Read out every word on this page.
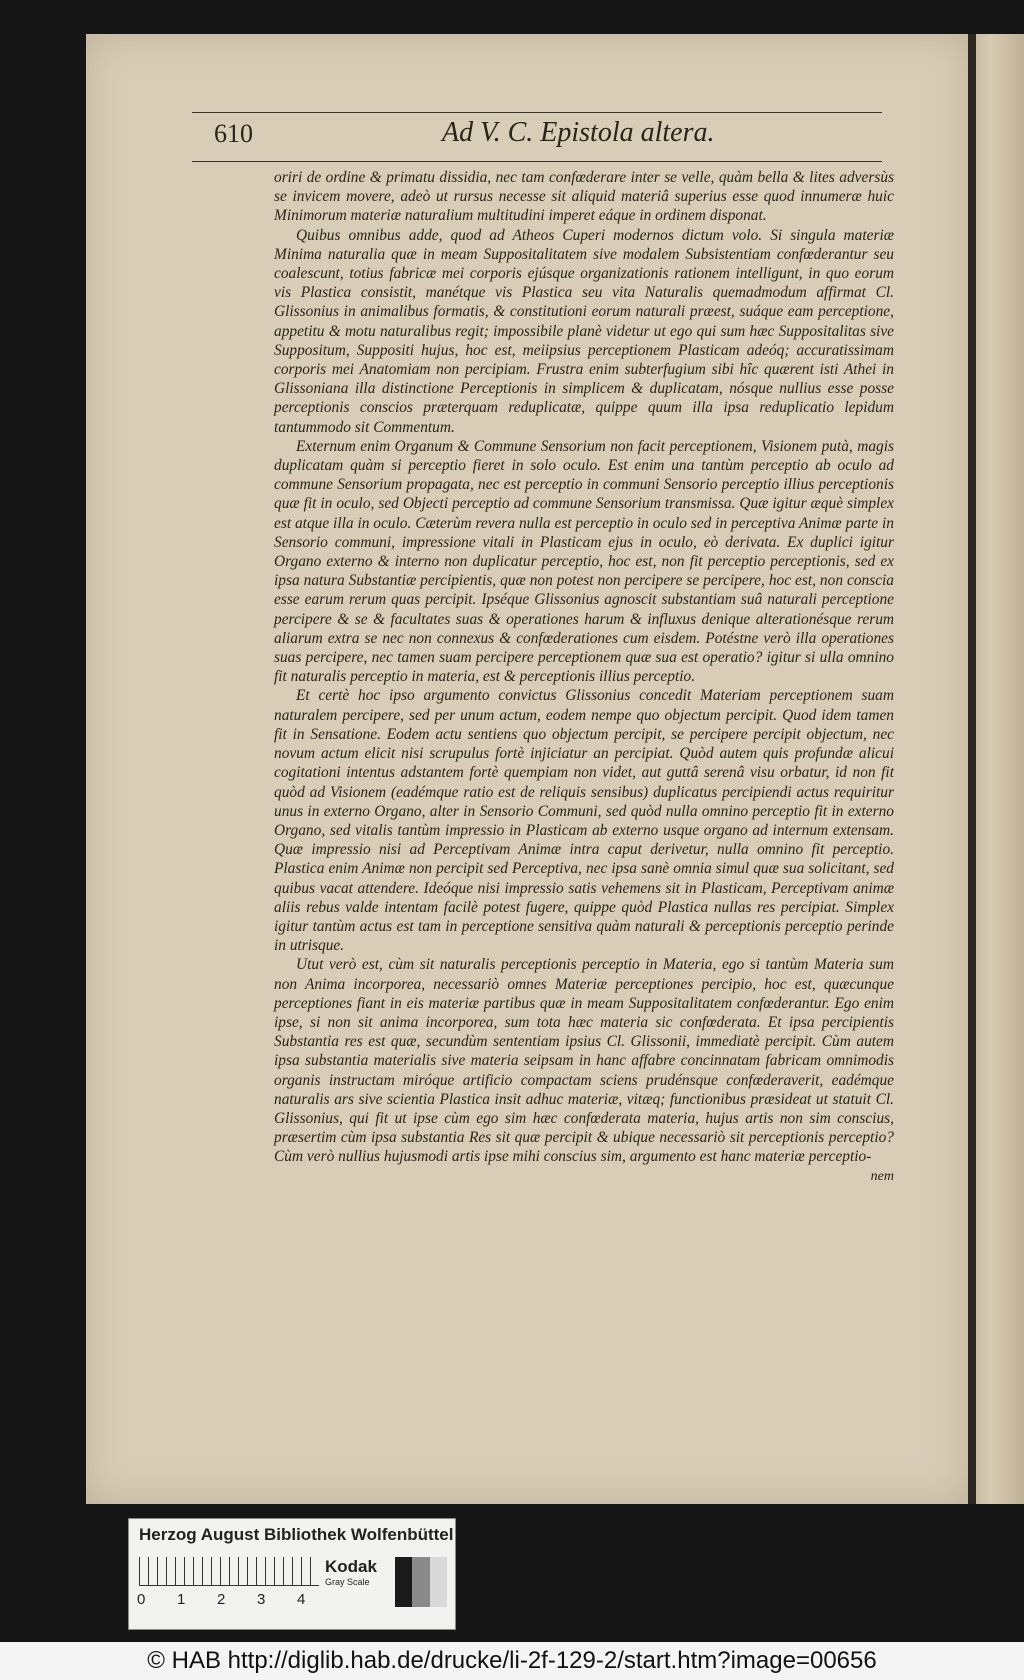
610	Ad V. C. Epistola altera.

oriri de ordine & primatu dissidia, nec tam confœderare inter se velle, quàm bella & lites adversùs se invicem movere, adeò ut rursus necesse sit aliquid materiâ superius esse quod innumeræ huic Minimorum materiæ naturalium multitudini imperet eáque in ordinem disponat.

Quibus omnibus adde, quod ad Atheos Cuperi modernos dictum volo. Si singula materiæ Minima naturalia quæ in meam Suppositalitatem sive modalem Subsistentiam confœderantur seu coalescunt, totius fabricæ mei corporis ejúsque organizationis rationem intelligunt, in quo eorum vis Plastica consistit, manétque vis Plastica seu vita Naturalis quemadmodum affirmat Cl. Glissonius in animalibus formatis, & constitutioni eorum naturali præest, suáque eam perceptione, appetitu & motu naturalibus regit; impossibile planè videtur ut ego qui sum hæc Suppositalitas sive Suppositum, Suppositi hujus, hoc est, meiipsius perceptionem Plasticam adeóq; accuratissimam corporis mei Anatomiam non percipiam. Frustra enim subterfugium sibi hîc quærent isti Athei in Glissoniana illa distinctione Perceptionis in simplicem & duplicatam, nósque nullius esse posse perceptionis conscios præterquam reduplicatæ, quippe quum illa ipsa reduplicatio lepidum tantummodo sit Commentum.

Externum enim Organum & Commune Sensorium non facit perceptionem, Visionem putà, magis duplicatam quàm si perceptio fieret in solo oculo. Est enim una tantùm perceptio ab oculo ad commune Sensorium propagata, nec est perceptio in communi Sensorio perceptio illius perceptionis quæ fit in oculo, sed Objecti perceptio ad commune Sensorium transmissa. Quæ igitur æquè simplex est atque illa in oculo. Cæterùm revera nulla est perceptio in oculo sed in perceptiva Animæ parte in Sensorio communi, impressione vitali in Plasticam ejus in oculo, eò derivata. Ex duplici igitur Organo externo & interno non duplicatur perceptio, hoc est, non fit perceptio perceptionis, sed ex ipsa natura Substantiæ percipientis, quæ non potest non percipere se percipere, hoc est, non conscia esse earum rerum quas percipit. Ipséque Glissonius agnoscit substantiam suâ naturali perceptione percipere & se & facultates suas & operationes harum & influxus denique alterationésque rerum aliarum extra se nec non connexus & confœderationes cum eisdem. Potéstne verò illa operationes suas percipere, nec tamen suam percipere perceptionem quæ sua est operatio? igitur si ulla omnino fit naturalis perceptio in materia, est & perceptionis illius perceptio.

Et certè hoc ipso argumento convictus Glissonius concedit Materiam perceptionem suam naturalem percipere, sed per unum actum, eodem nempe quo objectum percipit. Quod idem tamen fit in Sensatione. Eodem actu sentiens quo objectum percipit, se percipere percipit objectum, nec novum actum elicit nisi scrupulus fortè injiciatur an percipiat. Quòd autem quis profundæ alicui cogitationi intentus adstantem fortè quempiam non videt, aut guttâ serenâ visu orbatur, id non fit quòd ad Visionem (eadémque ratio est de reliquis sensibus) duplicatus percipiendi actus requiritur unus in externo Organo, alter in Sensorio Communi, sed quòd nulla omnino perceptio fit in externo Organo, sed vitalis tantùm impressio in Plasticam ab externo usque organo ad internum extensam. Quæ impressio nisi ad Perceptivam Animæ intra caput derivetur, nulla omnino fit perceptio. Plastica enim Animæ non percipit sed Perceptiva, nec ipsa sanè omnia simul quæ sua solicitant, sed quibus vacat attendere. Ideóque nisi impressio satis vehemens sit in Plasticam, Perceptivam animæ aliis rebus valde intentam facilè potest fugere, quippe quòd Plastica nullas res percipiat. Simplex igitur tantùm actus est tam in perceptione sensitiva quàm naturali & perceptionis perceptio perinde in utrisque.

Utut verò est, cùm sit naturalis perceptionis perceptio in Materia, ego si tantùm Materia sum non Anima incorporea, necessariò omnes Materiæ perceptiones percipio, hoc est, quæcunque perceptiones fiant in eis materiæ partibus quæ in meam Suppositalitatem confœderantur. Ego enim ipse, si non sit anima incorporea, sum tota hæc materia sic confœderata. Et ipsa percipientis Substantia res est quæ, secundùm sententiam ipsius Cl. Glissonii, immediatè percipit. Cùm autem ipsa substantia materialis sive materia seipsam in hanc affabre concinnatam fabricam omnimodis organis instructam miróque artificio compactam sciens prudénsque confœderaverit, eadémque naturalis ars sive scientia Plastica insit adhuc materiæ, vitæq; functionibus præsideat ut statuit Cl. Glissonius, qui fit ut ipse cùm ego sim hæc confœderata materia, hujus artis non sim conscius, præsertim cùm ipsa substantia Res sit quæ percipit & ubique necessariò sit perceptionis perceptio? Cùm verò nullius hujusmodi artis ipse mihi conscius sim, argumento est hanc materiæ perceptio-

nem
Herzog August Bibliothek Wolfenbüttel
0 1 2 3 4
Kodak
Gray Scale
© HAB http://diglib.hab.de/drucke/li-2f-129-2/start.htm?image=00656
